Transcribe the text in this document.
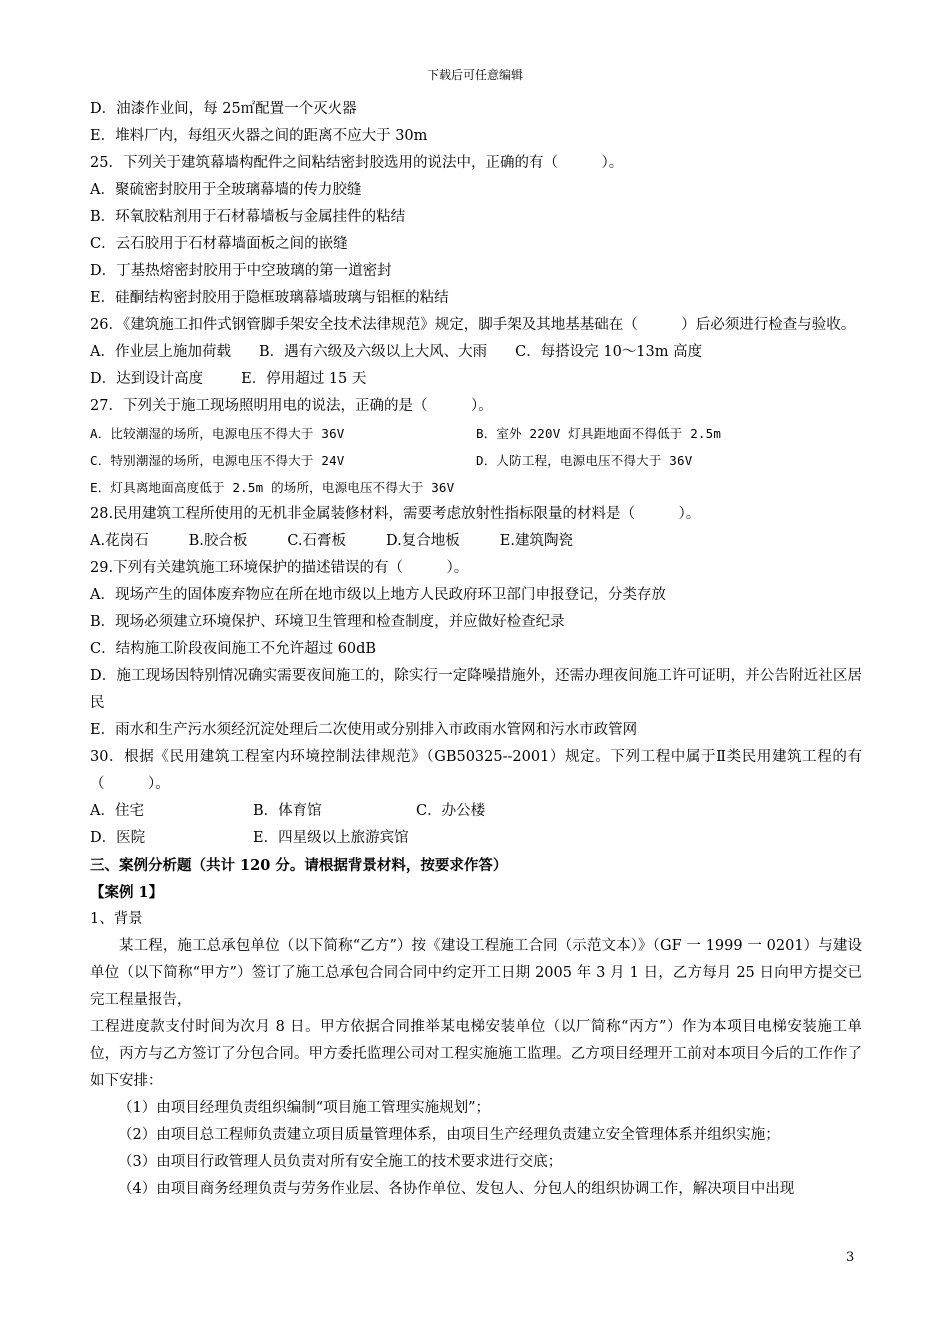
下载后可任意编辑

D．油漆作业间，每 25㎡配置一个灭火器

E．堆料厂内，每组灭火器之间的距离不应大于 30m

25．下列关于建筑幕墙构配件之间粘结密封胶选用的说法中，正确的有（　　　）。

A．聚硫密封胶用于全玻璃幕墙的传力胶缝

B．环氧胶粘剂用于石材幕墙板与金属挂件的粘结

C．云石胶用于石材幕墙面板之间的嵌缝

D．丁基热熔密封胶用于中空玻璃的第一道密封

E．硅酮结构密封胶用于隐框玻璃幕墙玻璃与铝框的粘结

26．《建筑施工扣件式钢管脚手架安全技术法律规范》规定，脚手架及其地基基础在（　　　）后必须进行检查与验收。

A．作业层上施加荷载 B．遇有六级及六级以上大风、大雨 C．每搭设完 10～13m 高度

D．达到设计高度	E．停用超过 15 天

27．下列关于施工现场照明用电的说法，正确的是（　　　）。

A．比较潮湿的场所，电源电压不得大于 36V	B．室外 220V 灯具距地面不得低于 2.5m
C．特别潮湿的场所，电源电压不得大于 24V	D．人防工程，电源电压不得大于 36V

E．灯具离地面高度低于 2.5m 的场所，电源电压不得大于 36V

28.民用建筑工程所使用的无机非金属装修材料，需要考虑放射性指标限量的材料是（　　　）。

A.花岗石	B.胶合板	C.石膏板	D.复合地板	E.建筑陶瓷

29.下列有关建筑施工环境保护的描述错误的有（　　　）。

A．现场产生的固体废弃物应在所在地市级以上地方人民政府环卫部门申报登记，分类存放

B．现场必须建立环境保护、环境卫生管理和检查制度，并应做好检查纪录

C．结构施工阶段夜间施工不允许超过 60dB

D．施工现场因特别情况确实需要夜间施工的，除实行一定降噪措施外，还需办理夜间施工许可证明，并公告附近社区居民

E．雨水和生产污水须经沉淀处理后二次使用或分别排入市政雨水管网和污水市政管网

30．根据《民用建筑工程室内环境控制法律规范》（GB50325--2001）规定。下列工程中属于Ⅱ类民用建筑工程的有（　　　）。

A．住宅	B．体育馆	C．办公楼
D．医院	E．四星级以上旅游宾馆

三、案例分析题（共计 120 分。请根据背景材料，按要求作答）

【案例 1】

1、背景

某工程，施工总承包单位（以下简称“乙方”）按《建设工程施工合同（示范文本）》（GF 一 1999 一 0201）与建设单位（以下简称“甲方”）签订了施工总承包合同合同中约定开工日期 2005 年 3 月 1 日，乙方每月 25 日向甲方提交已完工程量报告，

工程进度款支付时间为次月 8 日。甲方依据合同推举某电梯安装单位（以厂简称“丙方”）作为本项目电梯安装施工单位，丙方与乙方签订了分包合同。甲方委托监理公司对工程实施施工监理。乙方项目经理开工前对本项目今后的工作作了如下安排：

（1）由项目经理负责组织编制“项目施工管理实施规划”；

（2）由项目总工程师负责建立项目质量管理体系，由项目生产经理负责建立安全管理体系并组织实施；

（3）由项目行政管理人员负责对所有安全施工的技术要求进行交底；

（4）由项目商务经理负责与劳务作业层、各协作单位、发包人、分包人的组织协调工作，解决项目中出现

3
